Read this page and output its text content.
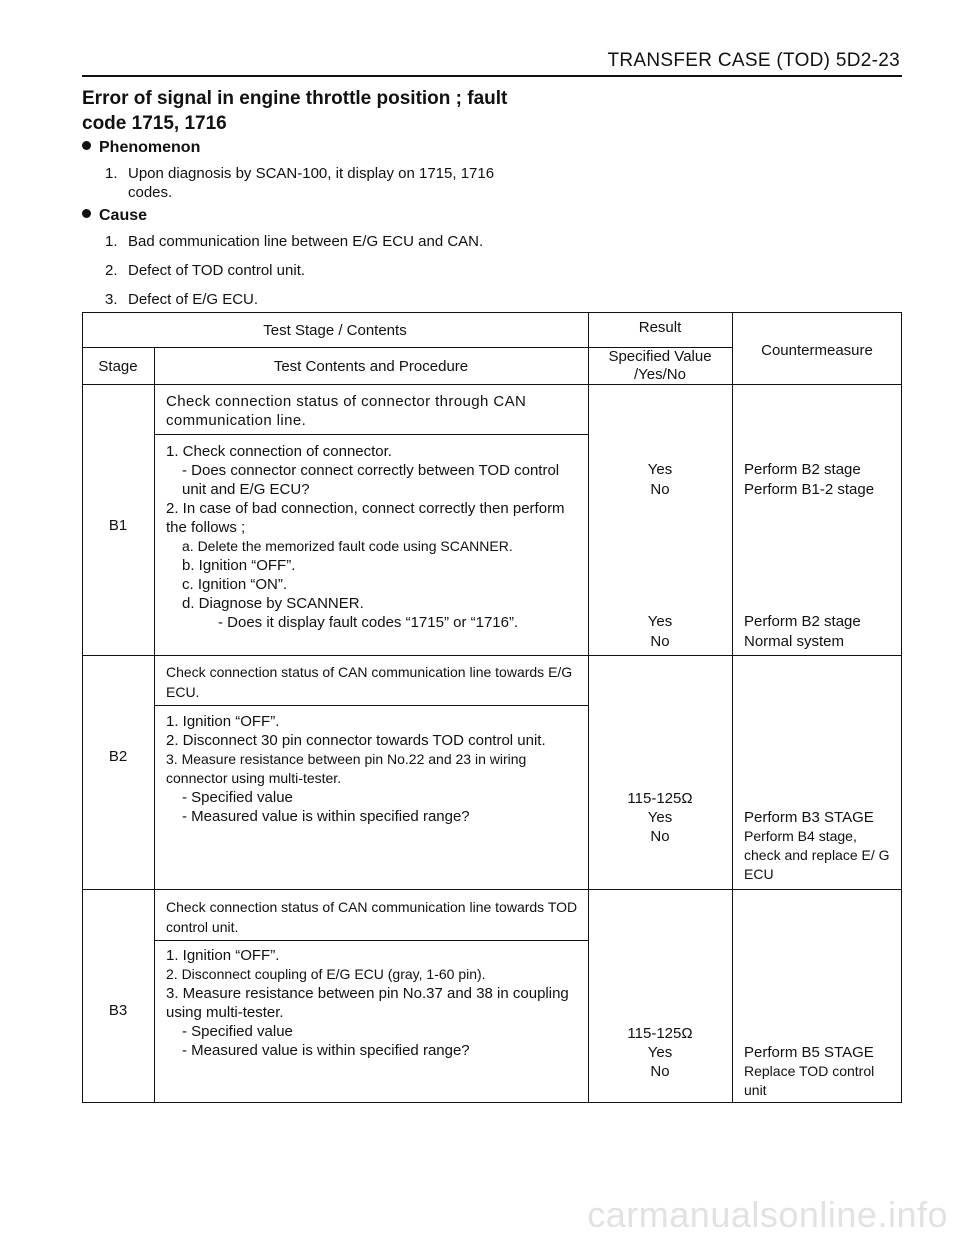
TRANSFER CASE (TOD) 5D2-23
Error of signal in engine throttle position ; fault code 1715, 1716
Phenomenon
1. Upon diagnosis by SCAN-100, it display on 1715, 1716 codes.
Cause
1. Bad communication line between E/G ECU and CAN.
2. Defect of TOD control unit.
3. Defect of E/G ECU.
Test Stage / Contents	Result
Countermeasure
Stage	Test Contents and Procedure
Specified Value /Yes/No
B1
Check connection status of connector through CAN communication line.
1. Check connection of connector.
- Does connector connect correctly between TOD control unit and E/G ECU?
2. In case of bad connection, connect correctly then perform the follows ;
a. Delete the memorized fault code using SCANNER.
b. Ignition “OFF”.
c. Ignition “ON”.
d. Diagnose by SCANNER.
- Does it display fault codes “1715” or “1716”.
Yes
No
Yes
No
Perform B2 stage
Perform B1-2 stage
Perform B2 stage
Normal system
B2
Check connection status of CAN communication line towards E/G ECU.
1. Ignition “OFF”.
2. Disconnect 30 pin connector towards TOD control unit.
3. Measure resistance between pin No.22 and 23 in wiring connector using multi-tester.
- Specified value
- Measured value is within specified range?
115-125Ω
Yes
No
Perform B3 STAGE
Perform B4 stage, check and replace E/ G ECU
B3
Check connection status of CAN communication line towards TOD control unit.
1. Ignition “OFF”.
2. Disconnect coupling of E/G ECU (gray, 1-60 pin).
3. Measure resistance between pin No.37 and 38 in coupling using multi-tester.
- Specified value
- Measured value is within specified range?
115-125Ω
Yes
No
Perform B5 STAGE
Replace TOD control unit
carmanualsonline.info
